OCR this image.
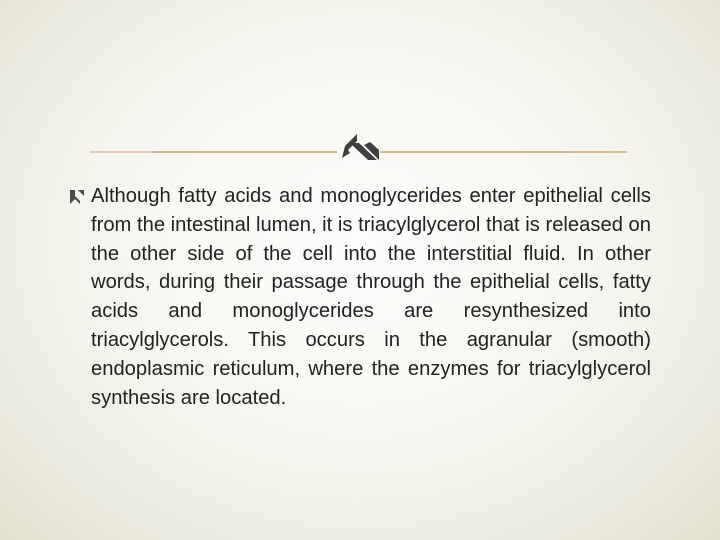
Although fatty acids and monoglycerides enter epithelial cells from the intestinal lumen, it is triacylglycerol that is released on the other side of the cell into the interstitial fluid. In other words, during their passage through the epithelial cells, fatty acids and monoglycerides are resynthesized into triacylglycerols. This occurs in the agranular (smooth) endoplasmic reticulum, where the enzymes for triacylglycerol synthesis are located.
